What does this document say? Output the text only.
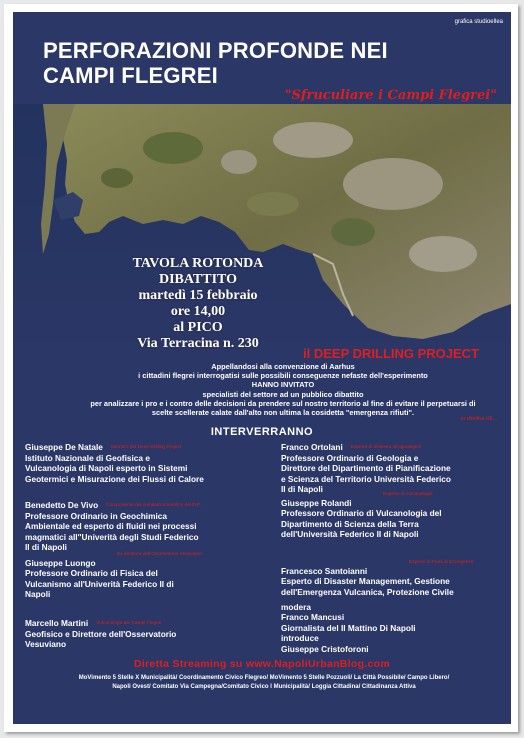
grafica studioellea
PERFORAZIONI PROFONDE NEI
CAMPI FLEGREI
"Sfruculiare i Campi Flegrei"
TAVOLA ROTONDA
DIBATTITO
martedì 15 febbraio
ore 14,00
al PICO
Via Terracina n. 230
il DEEP DRILLING PROJECT
Appellandosi alla convenzione di Aarhus
i cittadini flegrei interrogatisi sulle possibili conseguenze nefaste dell'esperimento
HANNO INVITATO
specialisti del settore ad un pubblico dibattito
per analizzare i pro e i contro delle decisioni da prendere sul nostro territorio al fine di evitare il perpetuarsi di
scelte scellerate calate dall'alto non ultima la cosidetta "emergenza rifiuti".
ex direttiva UE...
INTERVERRANNO
Giuseppe De Natale Membro del Deep Drilling Project
Istituto Nazionale di Geofisica e
Vulcanologia di Napoli esperto in Sistemi
Geotermici e Misurazione dei Flussi di Calore
Benedetto De Vivo Componente del comitato scientifico del D.P.
Professore Ordinario in Geochimica
Ambientale ed esperto di fluidi nei processi
magmatici all''Univerità degli Studi Federico
II di Napoli
Ex direttore dell'Osservatorio Vesuviano
Giuseppe Luongo
Professore Ordinario di Fisica del
Vulcanismo all'Univerità Federico II di
Napoli
Marcello Martini Vulcanologo dei Campi Flegrei
Geofisico e Direttore dell'Osservatorio
Vesuviano
Franco Ortolani Esperto di dissesto idrogeologico
Professore Ordinario di Geologia e
Direttore del Dipartimento di Pianificazione
e Scienza del Territorio Università Federico
II di Napoli
Esperto di vulcanologia
Giuseppe Rolandi
Professore Ordinario di Vulcanologia del
Dipartimento di Scienza della Terra
dell'Università Federico II di Napoli
Esperto di Piani di Emergenza
Francesco Santoianni
Esperto di Disaster Management, Gestione
dell'Emergenza Vulcanica, Protezione Civile
modera
Franco Mancusi
Giornalista del Il Mattino Di Napoli
introduce
Giuseppe Cristoforoni
Diretta Streaming su www.NapoliUrbanBlog.com
MoVimento 5 Stelle X Municipalità/ Coordinamento Civico Flegreo/ MoVimento 5 Stelle Pozzuoli/ La Città Possibile/ Campo Libero/
Napoli Ovest/ Comitato Via Campegna/Comitato Civico I Municipalità/ Loggia Cittadina/ Cittadinanza Attiva
